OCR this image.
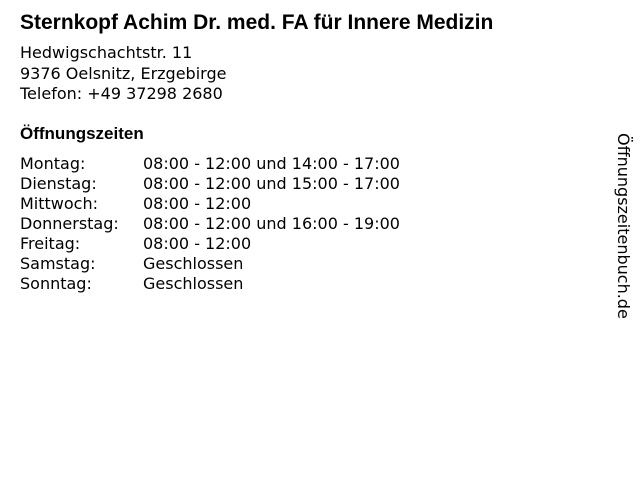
Sternkopf Achim Dr. med. FA für Innere Medizin
Hedwigschachtstr. 11
9376 Oelsnitz, Erzgebirge
Telefon: +49 37298 2680
Öffnungszeiten
Montag:	08:00 - 12:00 und 14:00 - 17:00
Dienstag:	08:00 - 12:00 und 15:00 - 17:00
Mittwoch:	08:00 - 12:00
Donnerstag: 08:00 - 12:00 und 16:00 - 19:00
Freitag:	08:00 - 12:00
Samstag:	Geschlossen
Sonntag:	Geschlossen	Öffnungszeitenbuch.de
